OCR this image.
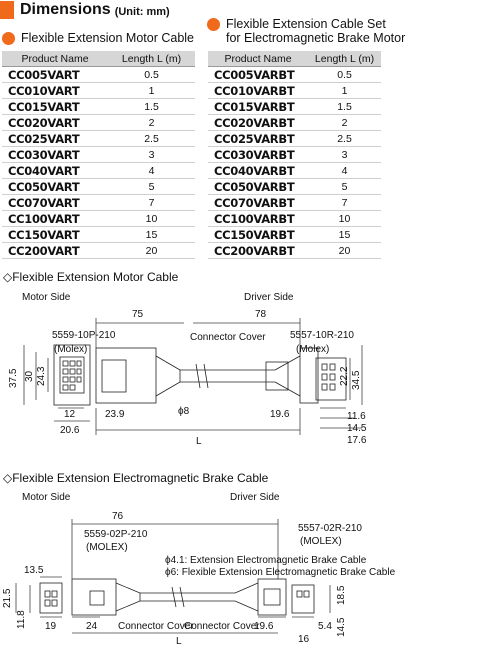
Dimensions (Unit: mm)
Flexible Extension Motor Cable
Product Name	Length L (m)
CC005VART	0.5
CC010VART	1
CC015VART	1.5
CC020VART	2
CC025VART	2.5
CC030VART	3
CC040VART	4
CC050VART	5
CC070VART	7
CC100VART	10
CC150VART	15
CC200VART	20
Flexible Extension Cable Set
for Electromagnetic Brake Motor
Product Name	Length L (m)
CC005VARBT	0.5
CC010VARBT	1
CC015VARBT	1.5
CC020VARBT	2
CC025VARBT	2.5
CC030VARBT	3
CC040VARBT	4
CC050VARBT	5
CC070VARBT	7
CC100VARBT	10
CC150VARBT	15
CC200VARBT	20
◇Flexible Extension Motor Cable
Motor Side	Driver Side
75	78
Connector Cover
5559-10P-210
(Molex)
5557-10R-210
(Molex)
37.5 30 24.3
12
20.6
23.9	ϕ8	19.6
22.2 34.5
11.6
14.5
17.6
L
◇Flexible Extension Electromagnetic Brake Cable
Motor Side	Driver Side
76
5559-02P-210
(MOLEX)
5557-02R-210
(MOLEX)
ϕ4.1: Extension Electromagnetic Brake Cable
ϕ6: Flexible Extension Electromagnetic Brake Cable
13.5
21.5
11.8 19	24 Connector Cover
Connector Cover
19.6
18.5
14.5
5.4
16
L
